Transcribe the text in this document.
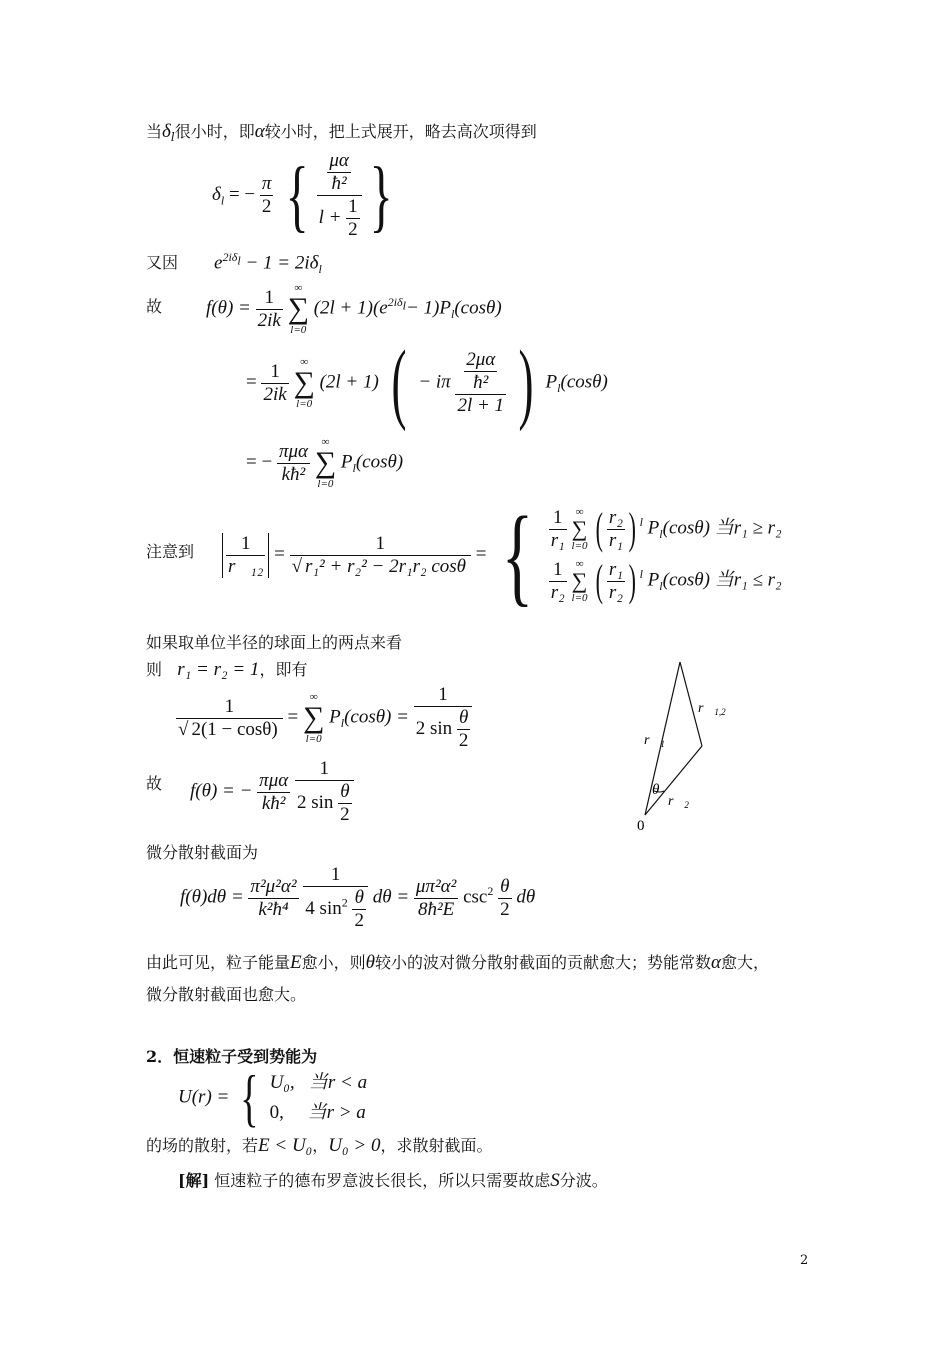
当$\delta_l$很小时，即α较小时，把上式展开，略去高次项得到
$\delta_l$ = − $\frac{\pi}{2}$ { $\frac{\frac{\mu\alpha}{\text{ħ²}}}{l + \frac{1}{2}}$ }
又因 $e^{2i\delta_l} - 1 = 2i\delta_l$
故 $f(\theta) = \frac{1}{2ik}$
	∞
∑
l=0
$(2l + 1)(e^{2i\delta_l}- 1)P_l(\cos\theta)$
= $\frac{1}{2ik}$
	∞
∑
l=0
(2l + 1) ( − iπ $\frac{\frac{2\mu\alpha}{\text{ħ²}}}{2l + 1}$ ) $P_l(\cos\theta)$
= − $\frac{\text{πμα}}{\text{kħ²}}$
	∞
∑
l=0
$P_l(\cos\theta)$
注意到 $\frac{1}{\text{r⃗₁₂}} = \frac{1}{\text{√ r₁² + r₂² − 2r₁r₂ cosθ}}$ = { $\frac{1}{\text{r₁}}$
∞
∑
l=0 ( $\frac{\text{r₂}}{\text{r₁}}$ ) $^l$ $P_l(\cos\theta)$ 当r₁ ≥ r₂
$\frac{1}{\text{r₂}}$
∞
∑
l=0 ( $\frac{\text{r₁}}{\text{r₂}}$ ) $^l$ $P_l(\cos\theta)$ 当r₁ ≤ r₂
如果取单位半径的球面上的两点来看
则 r₁ = r₂ = 1，即有
$\frac{1}{√ 2(1 - \cos\theta)}$ =
∞
∑
l=0
$P_l(\cos\theta) = \frac{1}{2 \sin \frac{\theta}{2}}$
故 f(θ) = − $\frac{\text{πμα}}{\text{kħ²}}$
$\frac{1}{2 \sin \frac{\theta}{2}}$
$r⃗_{1,2}$
$r⃗_1$
$r⃗_2$
θ
0
微分散射截面为
$f(\theta)d\theta = \frac{\text{π²μ²α²}}{\text{k²ħ⁴}}$
$\frac{1}{4 \sin^2 \frac{\theta}{2}}$ $d\theta = \frac{\text{μπ²α²}}{\text{8ħ²E}} \csc^2 \frac{\theta}{2}$ dθ
由此可见，粒子能量E愈小，则θ较小的波对微分散射截面的贡献愈大；势能常数α愈大，
微分散射截面也愈大。
2．恒速粒子受到势能为
U(r) = { U₀, 当r < a
0, 当r > a
的场的散射，若E < U₀，U₀ > 0，求散射截面。
[解] 恒速粒子的德布罗意波长很长，所以只需要故虑S分波。
2
